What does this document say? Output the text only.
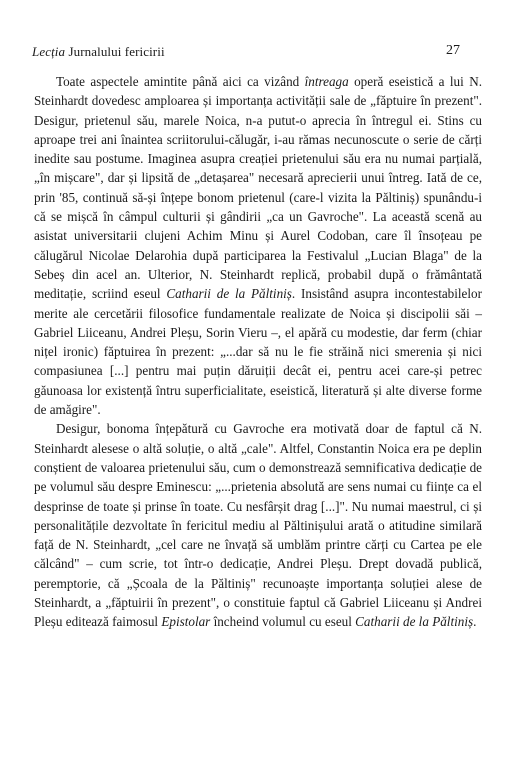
Lecția Jurnalului fericirii	27

Toate aspectele amintite până aici ca vizând întreaga operă eseistică a lui N. Steinhardt dovedesc amploarea și importanța activității sale de „făptuire în prezent". Desigur, prietenul său, marele Noica, n-a putut-o aprecia în întregul ei. Stins cu aproape trei ani înaintea scriitorului-călugăr, i-au rămas necunoscute o serie de cărți inedite sau postume. Imaginea asupra creației prietenului său era nu numai parțială, „în mișcare", dar și lipsită de „detașarea" necesară aprecierii unui întreg. Iată de ce, prin '85, continuă să-și înțepe bonom prietenul (care-l vizita la Păltiniș) spunându-i că se mișcă în câmpul culturii și gândirii „ca un Gavroche". La această scenă au asistat universitarii clujeni Achim Minu și Aurel Codoban, care îl însoțeau pe călugărul Nicolae Delarohia după participarea la Festivalul „Lucian Blaga" de la Sebeș din acel an. Ulterior, N. Steinhardt replică, probabil după o frământată meditație, scriind eseul Catharii de la Păltiniș. Insistând asupra incontestabilelor merite ale cercetării filosofice fundamentale realizate de Noica și discipolii săi – Gabriel Liiceanu, Andrei Pleșu, Sorin Vieru –, el apără cu modestie, dar ferm (chiar nițel ironic) făptuirea în prezent: „...dar să nu le fie străină nici smerenia și nici compasiunea [...] pentru mai puțin dăruiții decât ei, pentru acei care-și petrec găunoasa lor existență întru superficialitate, eseistică, literatură și alte diverse forme de amăgire".

Desigur, bonoma înțepătură cu Gavroche era motivată doar de faptul că N. Steinhardt alesese o altă soluție, o altă „cale". Altfel, Constantin Noica era pe deplin conștient de valoarea prietenului său, cum o demonstrează semnificativa dedicație de pe volumul său despre Eminescu: „...prietenia absolută are sens numai cu ființe ca el desprinse de toate și prinse în toate. Cu nesfârșit drag [...]". Nu numai maestrul, ci și personalitățile dezvoltate în fericitul mediu al Păltinișului arată o atitudine similară față de N. Steinhardt, „cel care ne învață să umblăm printre cărți cu Cartea pe ele călcând" – cum scrie, tot într-o dedicație, Andrei Pleșu. Drept dovadă publică, peremptorie, că „Școala de la Păltiniș" recunoaște importanța soluției alese de Steinhardt, a „făptuirii în prezent", o constituie faptul că Gabriel Liiceanu și Andrei Pleșu editează faimosul Epistolar încheind volumul cu eseul Catharii de la Păltiniș.
